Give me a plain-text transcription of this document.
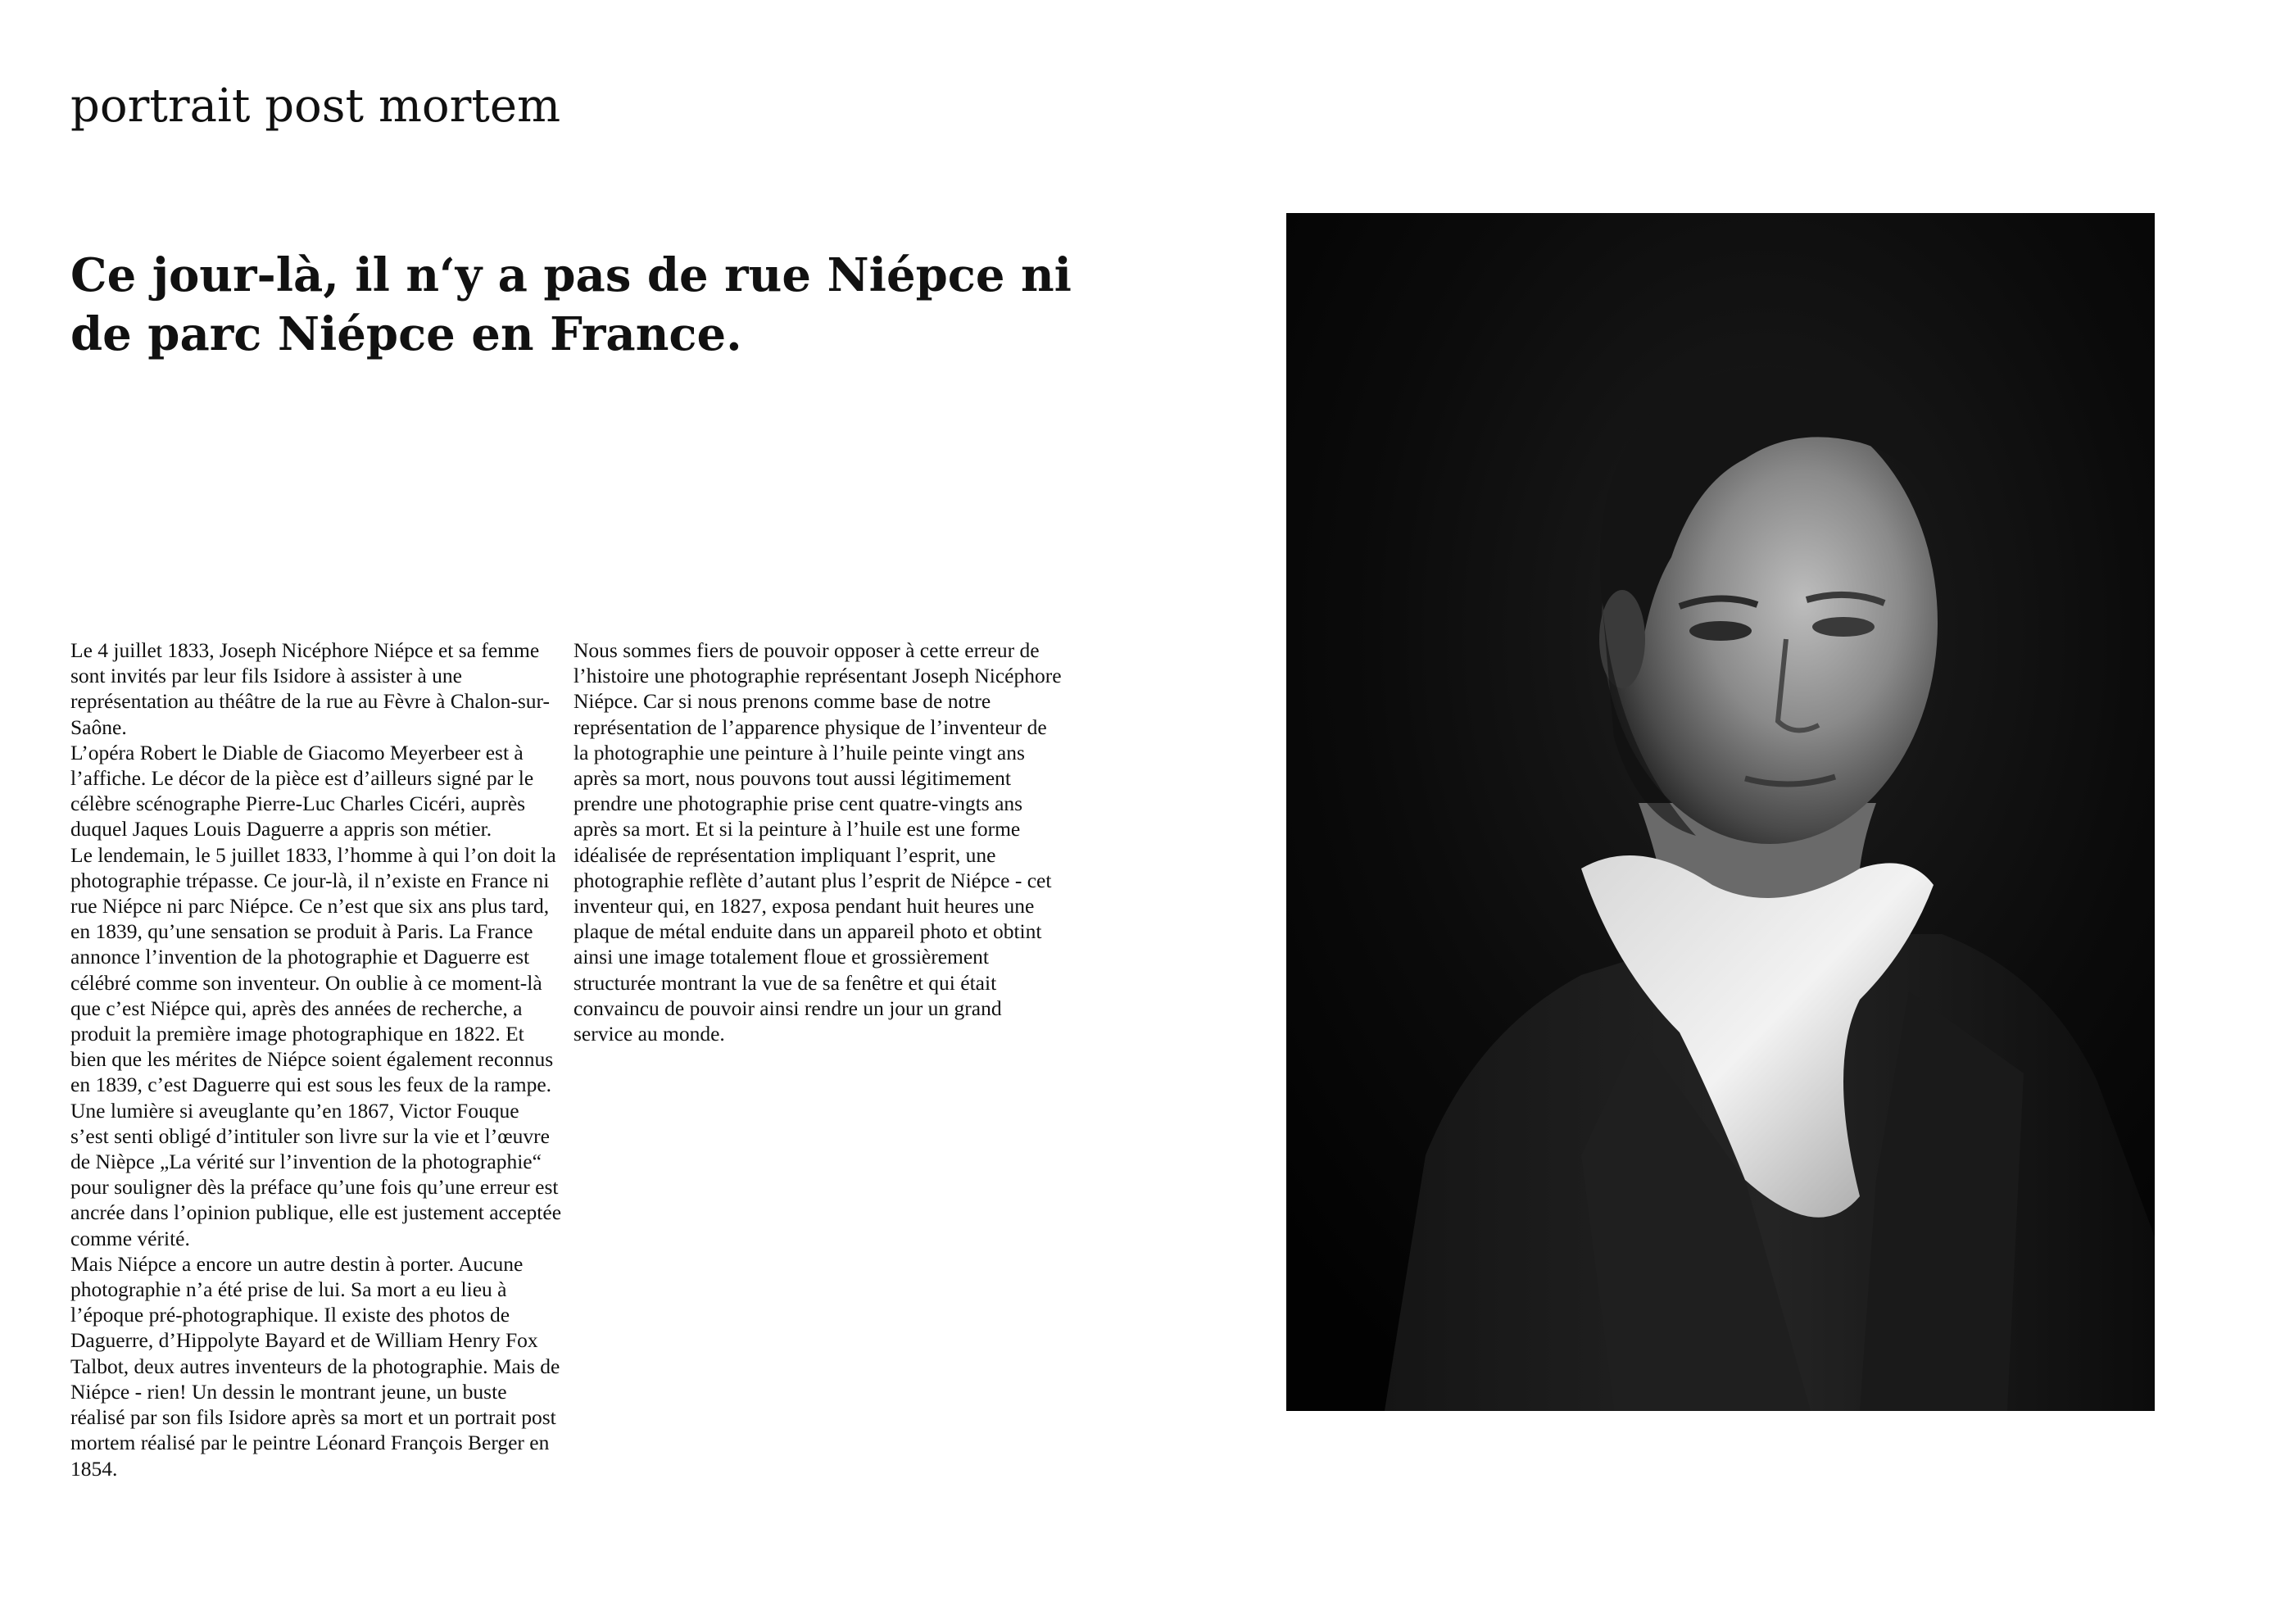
portrait post mortem
Ce jour-là, il n‘y a pas de rue Niépce ni de parc Niépce en France.

Le 4 juillet 1833, Joseph Nicéphore Niépce et sa femme sont invités par leur fils Isidore à assister à une représentation au théâtre de la rue au Fèvre à Chalon-sur-Saône.

L’opéra Robert le Diable de Giacomo Meyerbeer est à l’affiche. Le décor de la pièce est d’ailleurs signé par le célèbre scénographe Pierre-Luc Charles Cicéri, auprès duquel Jaques Louis Daguerre a appris son métier.

Le lendemain, le 5 juillet 1833, l’homme à qui l’on doit la photographie trépasse. Ce jour-là, il n’existe en France ni rue Niépce ni parc Niépce. Ce n’est que six ans plus tard, en 1839, qu’une sensation se produit à Paris. La France annonce l’invention de la photographie et Daguerre est célébré comme son inventeur. On oublie à ce moment-là que c’est Niépce qui, après des années de recherche, a produit la première image photographique en 1822. Et bien que les mérites de Niépce soient également reconnus en 1839, c’est Daguerre qui est sous les feux de la rampe. Une lumière si aveuglante qu’en 1867, Victor Fouque s’est senti obligé d’intituler son livre sur la vie et l’œuvre de Nièpce „La vérité sur l’invention de la photographie“ pour souligner dès la préface qu’une fois qu’une erreur est ancrée dans l’opinion publique, elle est justement acceptée comme vérité.

Mais Niépce a encore un autre destin à porter. Aucune photographie n’a été prise de lui. Sa mort a eu lieu à l’époque pré-photographique. Il existe des photos de Daguerre, d’Hippolyte Bayard et de William Henry Fox Talbot, deux autres inventeurs de la photographie. Mais de Niépce - rien! Un dessin le montrant jeune, un buste réalisé par son fils Isidore après sa mort et un portrait post mortem réalisé par le peintre Léonard François Berger en 1854.

Nous sommes fiers de pouvoir opposer à cette erreur de l’histoire une photographie représentant Joseph Nicéphore Niépce. Car si nous prenons comme base de notre représentation de l’apparence physique de l’inventeur de la photographie une peinture à l’huile peinte vingt ans après sa mort, nous pouvons tout aussi légitimement prendre une photographie prise cent quatre-vingts ans après sa mort. Et si la peinture à l’huile est une forme idéalisée de représentation impliquant l’esprit, une photographie reflète d’autant plus l’esprit de Niépce - cet inventeur qui, en 1827, exposa pendant huit heures une plaque de métal enduite dans un appareil photo et obtint ainsi une image totalement floue et grossièrement structurée montrant la vue de sa fenêtre et qui était convaincu de pouvoir ainsi rendre un jour un grand service au monde.
